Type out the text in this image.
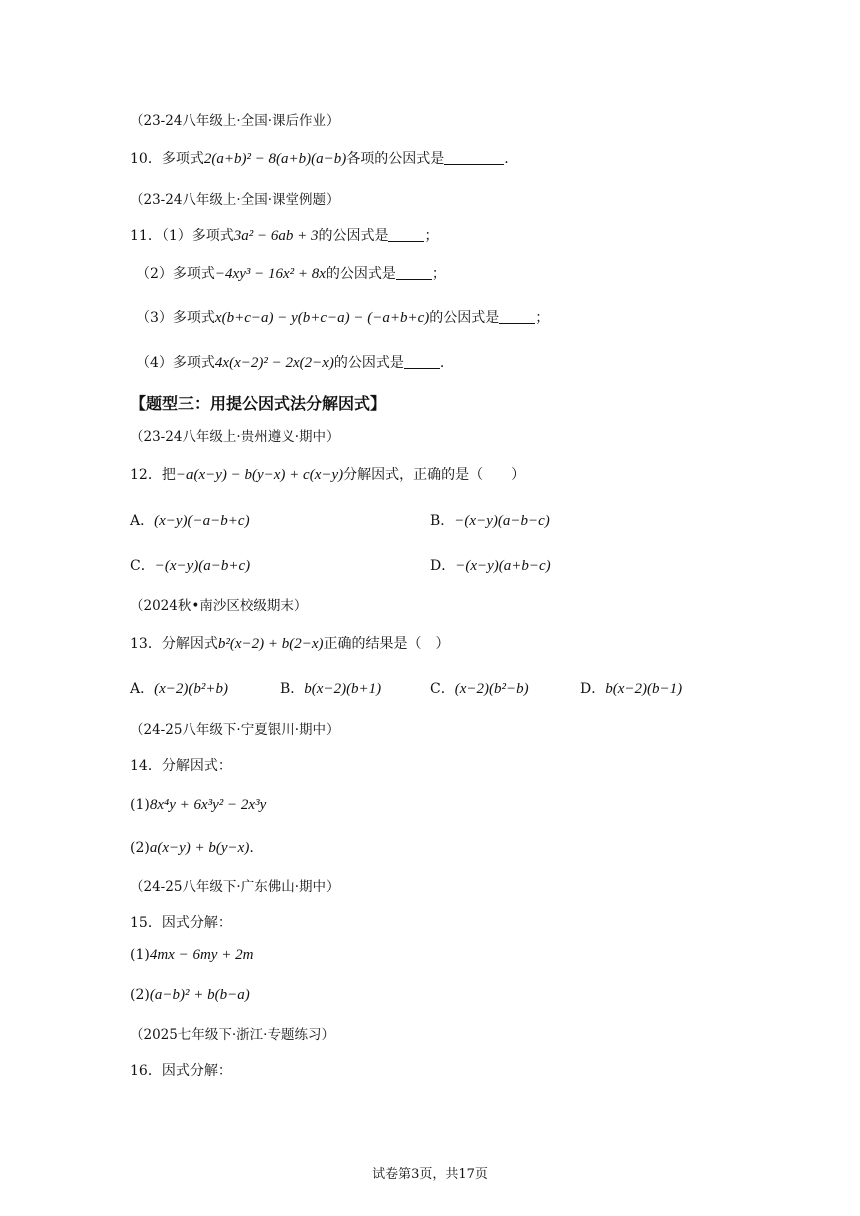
（23-24八年级上·全国·课后作业）
10．多项式2(a+b)² − 8(a+b)(a−b)各项的公因式是	.
（23-24八年级上·全国·课堂例题）
11．（1）多项式3a² − 6ab + 3的公因式是	；
（2）多项式−4xy³ − 16x² + 8x的公因式是	；
（3）多项式x(b+c−a) − y(b+c−a) − (−a+b+c)的公因式是	；
（4）多项式4x(x−2)² − 2x(2−x)的公因式是	.
【题型三：用提公因式法分解因式】
（23-24八年级上·贵州遵义·期中）
12．把−a(x−y) − b(y−x) + c(x−y)分解因式，正确的是（　　）
A．(x−y)(−a−b+c)	B．−(x−y)(a−b−c)
C．−(x−y)(a−b+c)	D．−(x−y)(a+b−c)
（2024秋•南沙区校级期末）
13．分解因式b²(x−2) + b(2−x)正确的结果是（　）
A．(x−2)(b²+b)	B．b(x−2)(b+1)	C．(x−2)(b²−b)	D．b(x−2)(b−1)
（24-25八年级下·宁夏银川·期中）
14．分解因式：
(1)8x⁴y + 6x³y² − 2x³y
(2)a(x−y) + b(y−x).
（24-25八年级下·广东佛山·期中）
15．因式分解：
(1)4mx − 6my + 2m
(2)(a−b)² + b(b−a)
（2025七年级下·浙江·专题练习）
16．因式分解：
试卷第3页，共17页
